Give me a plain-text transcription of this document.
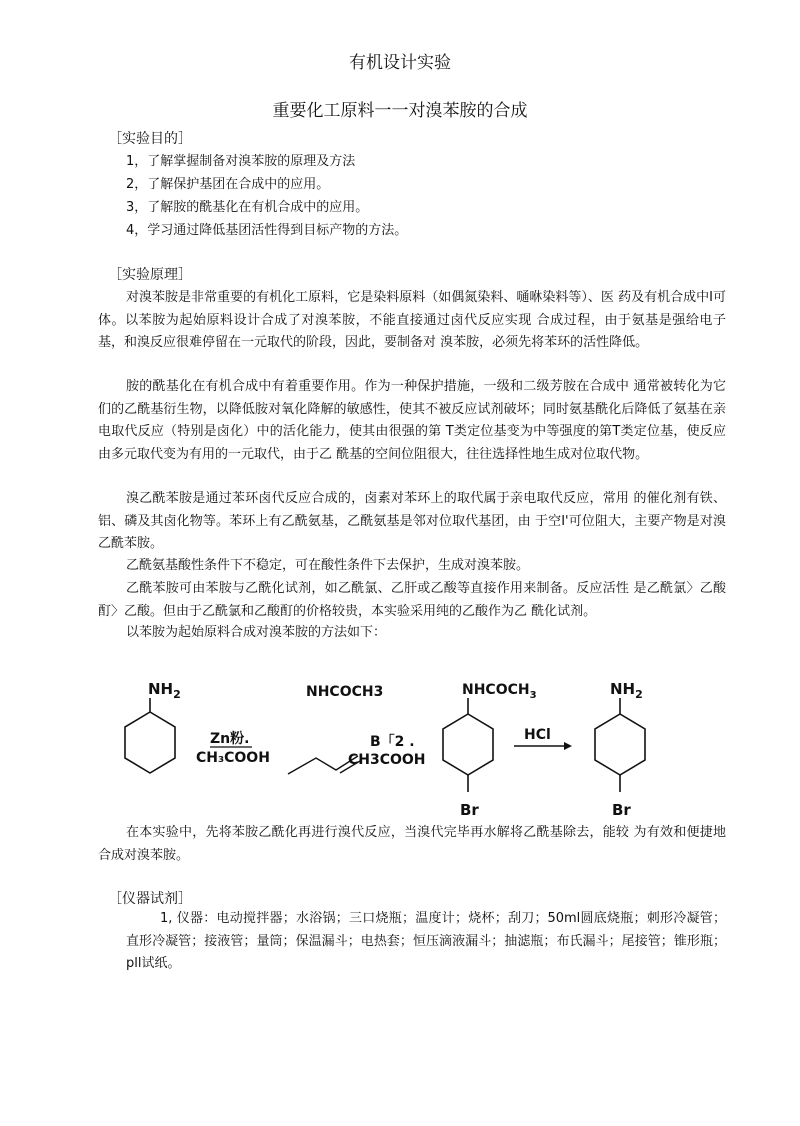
有机设计实验
重要化工原料一一对溴苯胺的合成
［实验目的］
1，了解掌握制备对溴苯胺的原理及方法
2，了解保护基团在合成中的应用。
3，了解胺的酰基化在有机合成中的应用。
4，学习通过降低基团活性得到目标产物的方法。
［实验原理］

对溴苯胺是非常重要的有机化工原料，它是染料原料（如偶氮染料、嗵咻染料等）、医 药及有机合成中I可体。以苯胺为起始原料设计合成了对溴苯胺，不能直接通过卤代反应实现 合成过程，由于氨基是强给电子基，和溴反应很难停留在一元取代的阶段，因此，要制备对 溴苯胺，必须先将苯环的活性降低。

胺的酰基化在有机合成中有着重要作用。作为一种保护措施，一级和二级芳胺在合成中 通常被转化为它们的乙酰基衍生物，以降低胺对氧化降解的敏感性，使其不被反应试剂破坏；同时氨基酰化后降低了氨基在亲电取代反应（特别是卤化）中的活化能力，使其由很强的第 T类定位基变为中等强度的第T类定位基，使反应由多元取代变为有用的一元取代，由于乙 酰基的空间位阻很大，往往选择性地生成对位取代物。

溴乙酰苯胺是通过苯环卤代反应合成的，卤素对苯环上的取代属于亲电取代反应，常用 的催化剂有铁、铝、磷及其卤化物等。苯环上有乙酰氨基，乙酰氨基是邻对位取代基团，由 于空I'可位阻大，主要产物是对溴乙酰苯胺。

乙酰氨基酸性条件下不稳定，可在酸性条件下去保护，生成对溴苯胺。

乙酰苯胺可由苯胺与乙酰化试剂，如乙酰氯、乙肝或乙酸等直接作用来制备。反应活性 是乙酰氯〉乙酸酊〉乙酸。但由于乙酰氯和乙酸酊的价格较贵，本实验采用纯的乙酸作为乙 酰化试剂。

以苯胺为起始原料合成对溴苯胺的方法如下：

$NH_2$
Zn粉.
CH₃COOH
NHCOCH3
B「2 .
CH3COOH
$NHCOCH_3$
Br
HCl
$NH_2$
Br

在本实验中，先将苯胺乙酰化再进行溴代反应，当溴代完毕再水解将乙酰基除去，能较 为有效和便捷地合成对溴苯胺。

［仪器试剂］

1, 仪器：电动搅拌器；水浴锅；三口烧瓶；温度计；烧杯；刮刀；50ml圆底烧瓶；刺形冷凝管；直形冷凝管；接液管；量筒；保温漏斗；电热套；恒压滴液漏斗；抽滤瓶；布氏漏斗；尾接管；锥形瓶；pll试纸。
